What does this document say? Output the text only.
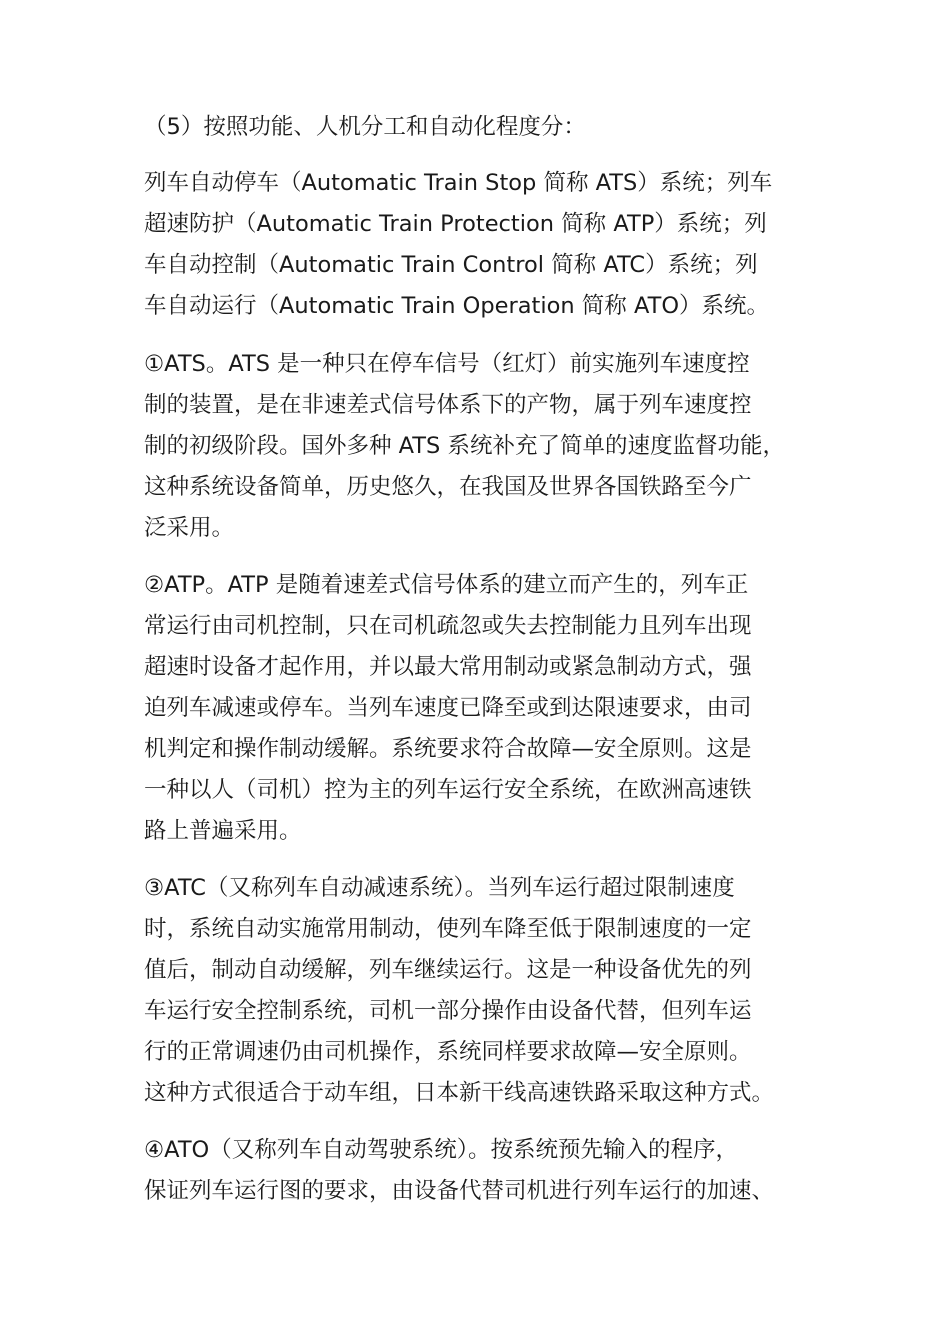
（5）按照功能、人机分工和自动化程度分：
列车自动停车（Automatic Train Stop 简称 ATS）系统；列车
超速防护（Automatic Train Protection 简称 ATP）系统；列
车自动控制（Automatic Train Control 简称 ATC）系统；列
车自动运行（Automatic Train Operation 简称 ATO）系统。
①ATS。ATS 是一种只在停车信号（红灯）前实施列车速度控
制的装置，是在非速差式信号体系下的产物，属于列车速度控
制的初级阶段。国外多种 ATS 系统补充了简单的速度监督功能，
这种系统设备简单，历史悠久，在我国及世界各国铁路至今广
泛采用。
②ATP。ATP 是随着速差式信号体系的建立而产生的，列车正
常运行由司机控制，只在司机疏忽或失去控制能力且列车出现
超速时设备才起作用，并以最大常用制动或紧急制动方式，强
迫列车减速或停车。当列车速度已降至或到达限速要求，由司
机判定和操作制动缓解。系统要求符合故障—安全原则。这是
一种以人（司机）控为主的列车运行安全系统，在欧洲高速铁
路上普遍采用。
③ATC（又称列车自动减速系统）。当列车运行超过限制速度
时，系统自动实施常用制动，使列车降至低于限制速度的一定
值后，制动自动缓解，列车继续运行。这是一种设备优先的列
车运行安全控制系统，司机一部分操作由设备代替，但列车运
行的正常调速仍由司机操作，系统同样要求故障—安全原则。
这种方式很适合于动车组，日本新干线高速铁路采取这种方式。
④ATO（又称列车自动驾驶系统）。按系统预先输入的程序，
保证列车运行图的要求，由设备代替司机进行列车运行的加速、
